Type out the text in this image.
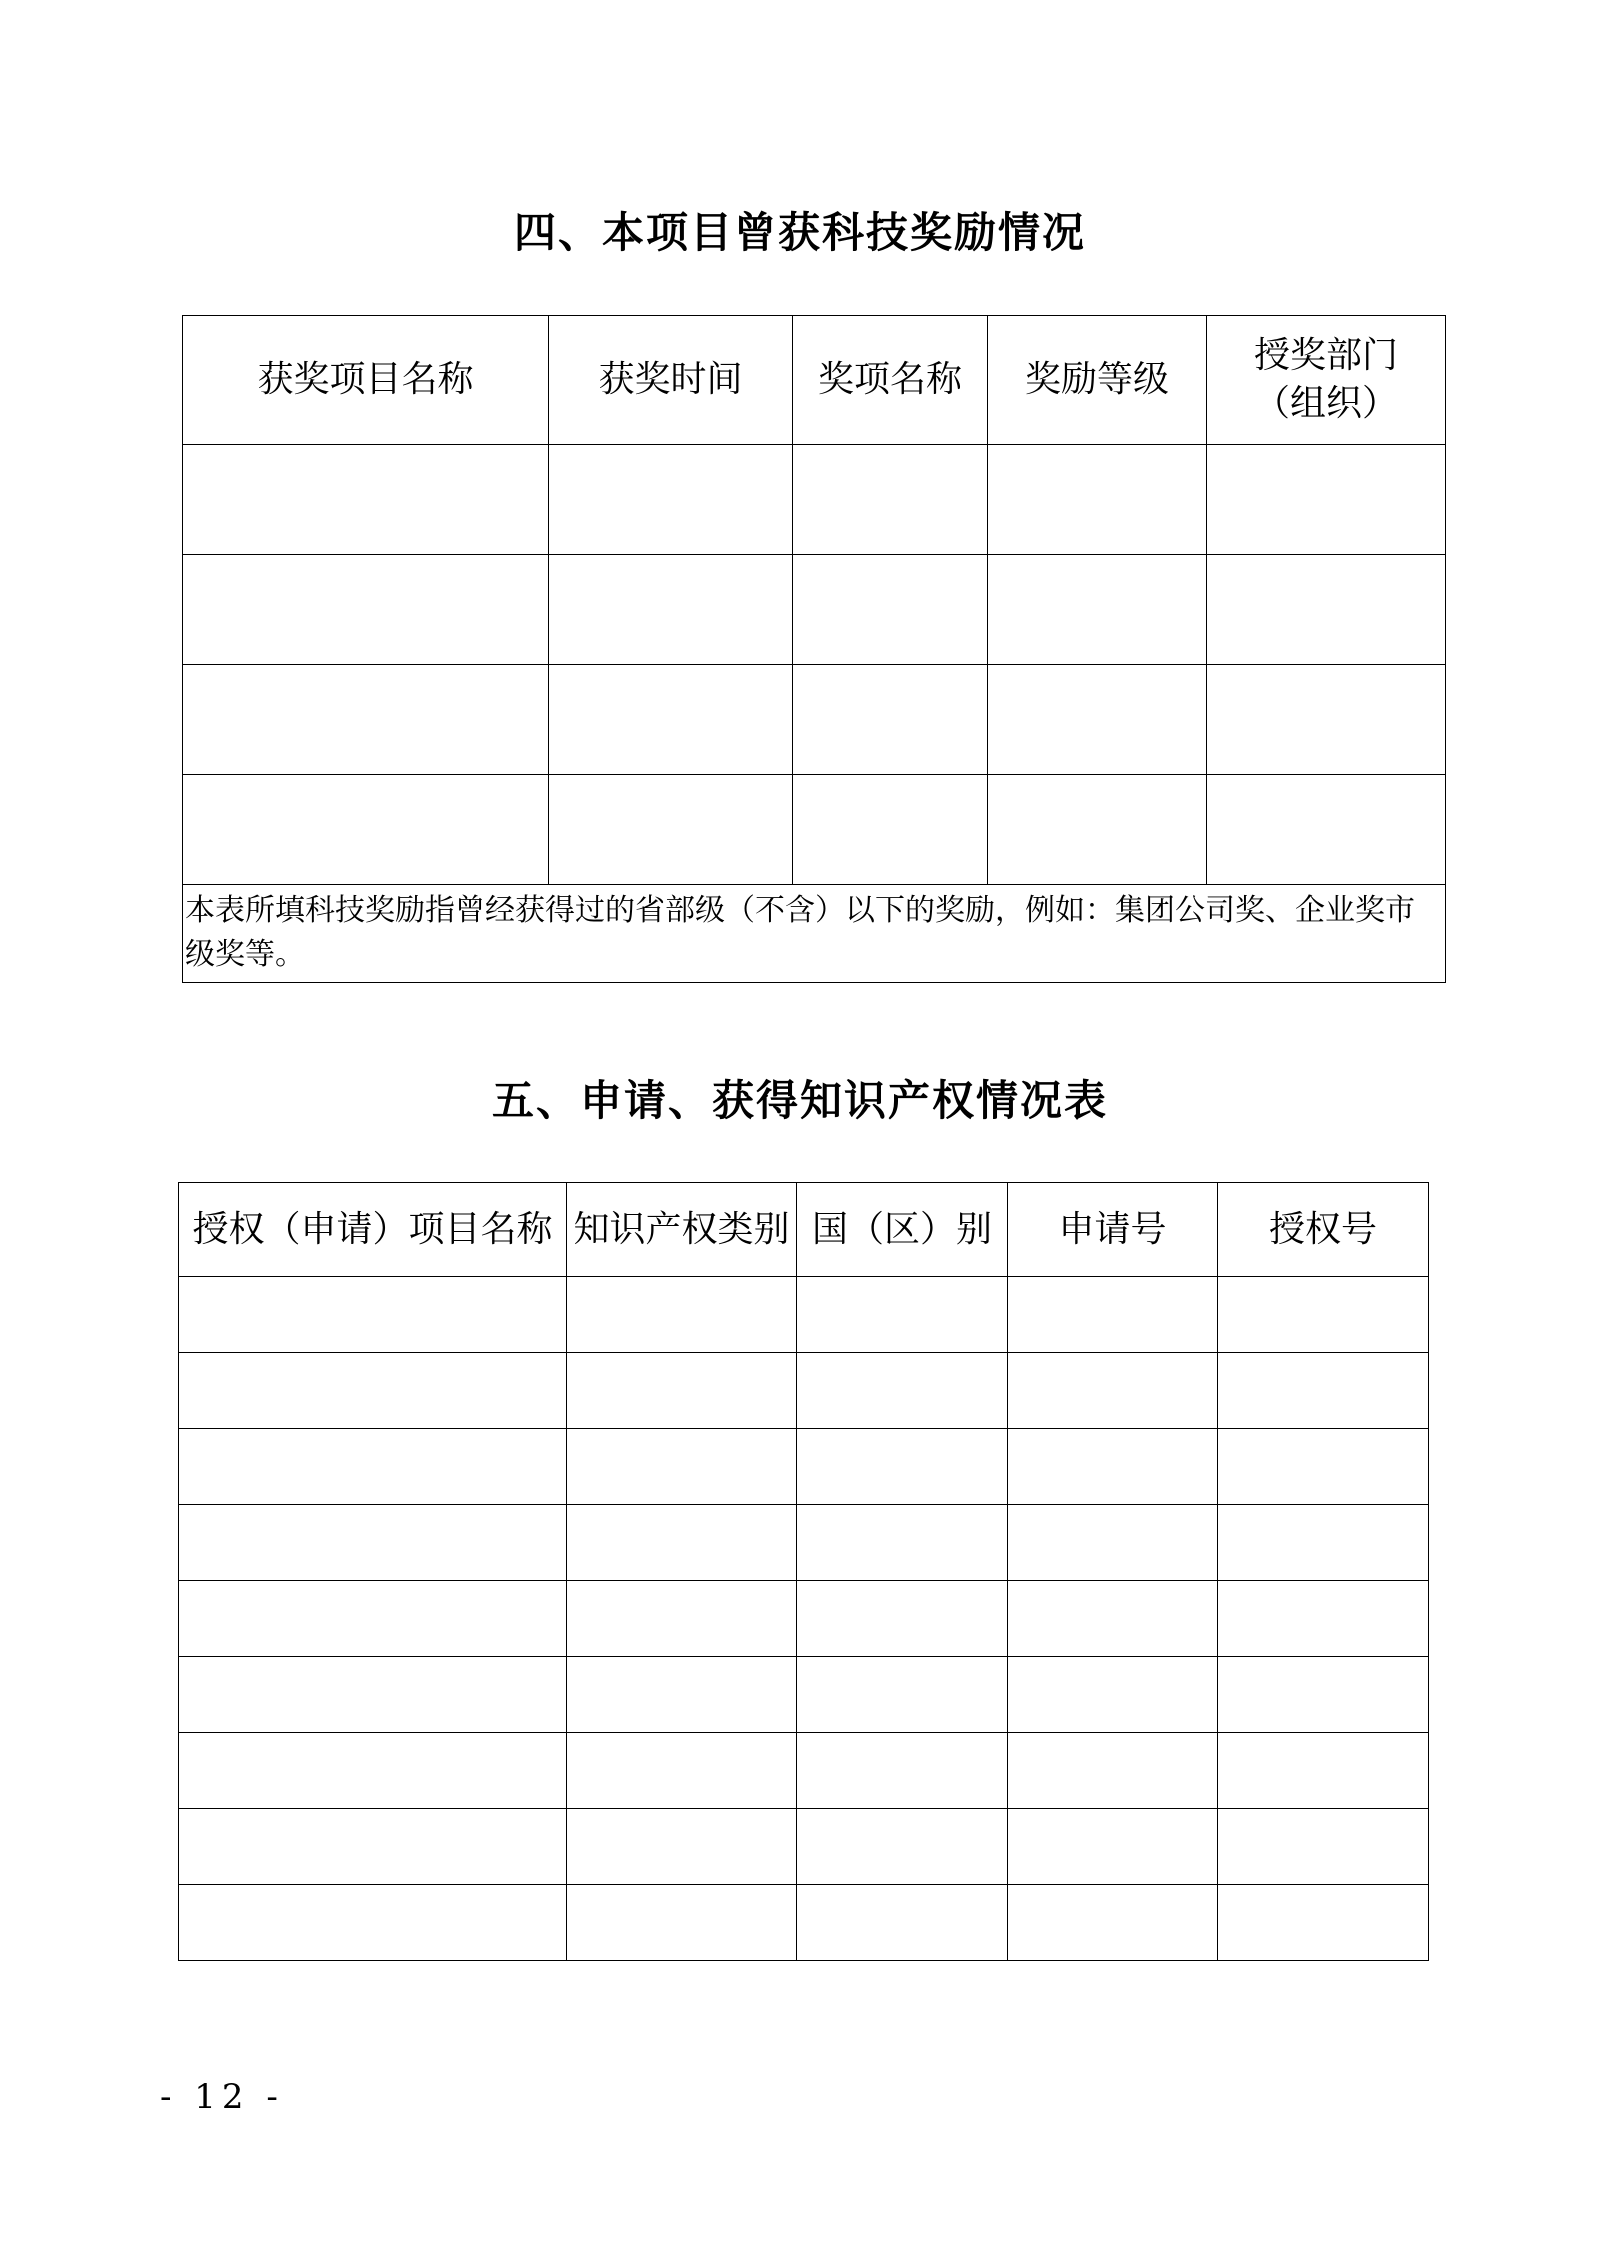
四、本项目曾获科技奖励情况
获奖项目名称	获奖时间	奖项名称	奖励等级	授奖部门
（组织）

本表所填科技奖励指曾经获得过的省部级（不含）以下的奖励，例如：集团公司奖、企业奖市级奖等。				
五、申请、获得知识产权情况表
授权（申请）项目名称	知识产权类别	国（区）别	申请号	授权号

- 12 -
